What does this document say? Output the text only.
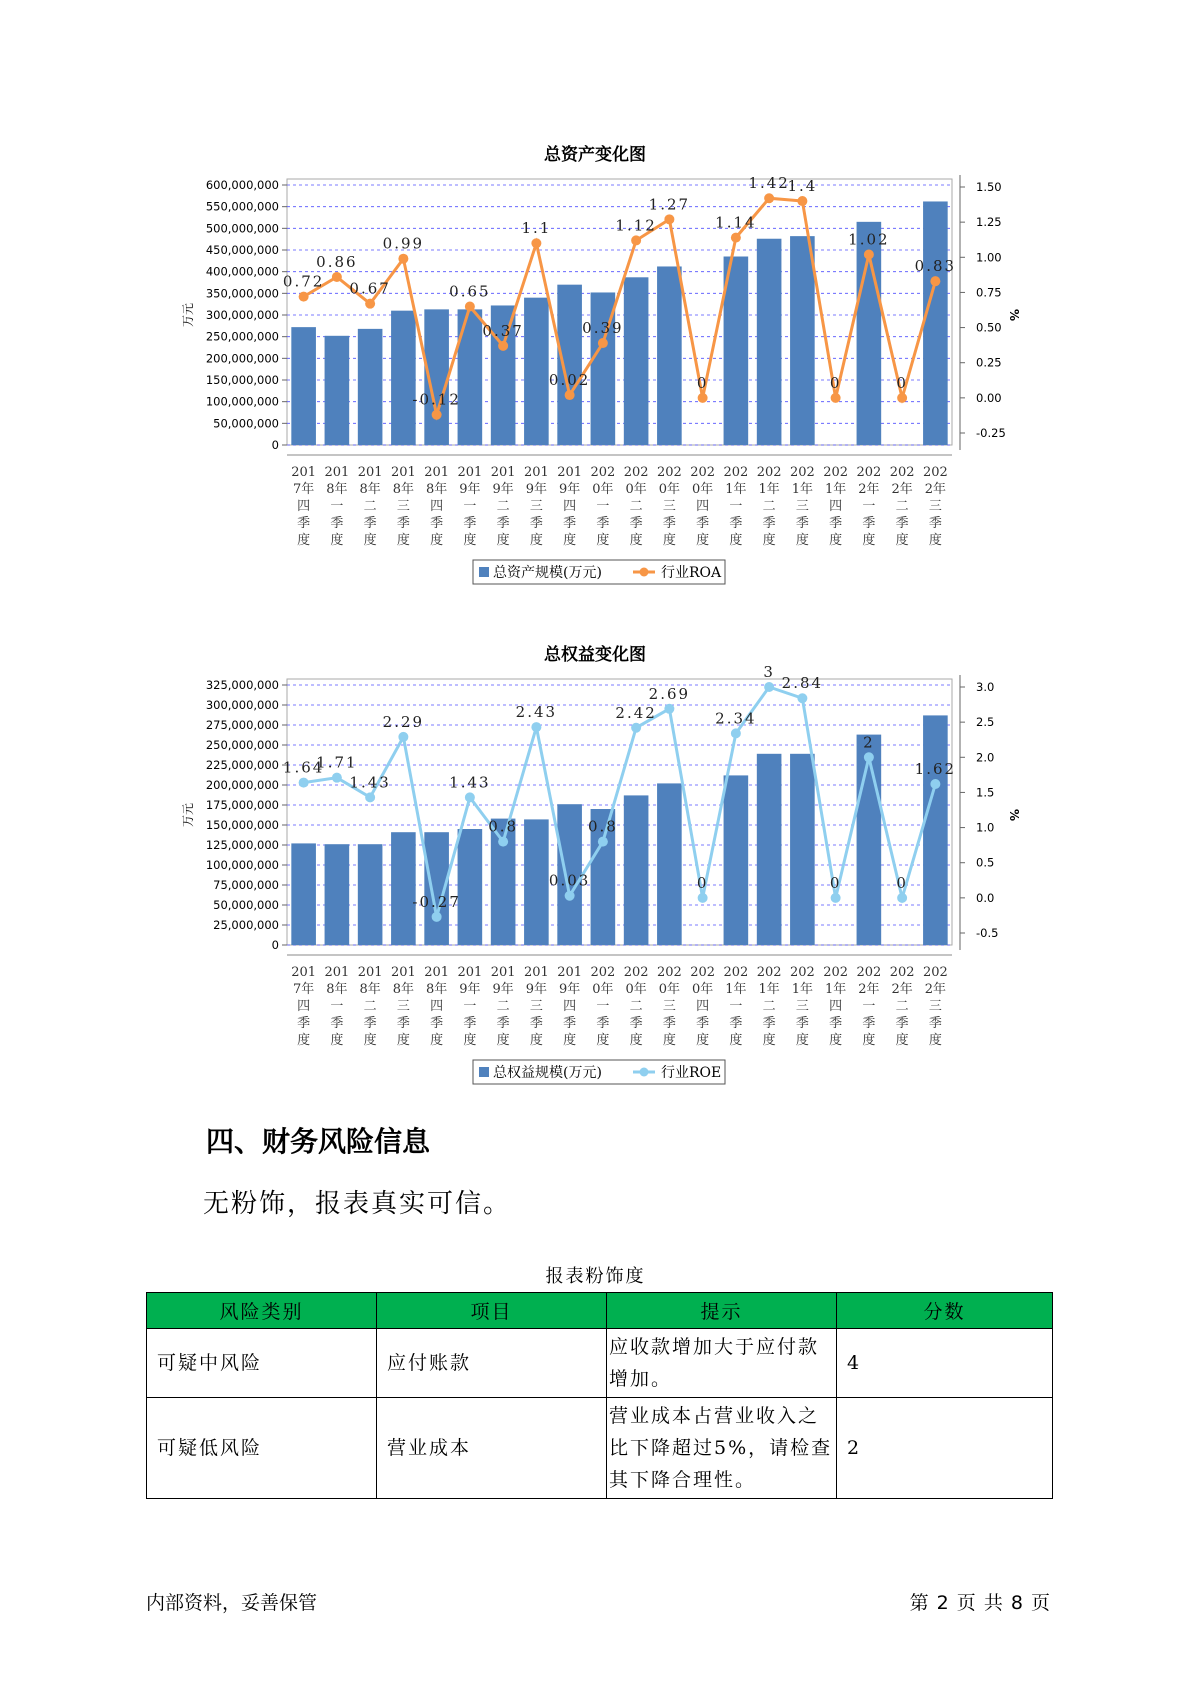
总资产变化图
600,000,000
550,000,000
500,000,000
450,000,000
400,000,000
350,000,000
300,000,000
250,000,000
200,000,000
150,000,000
100,000,000
50,000,000
0
1.50
1.25
1.00
0.75
0.50
0.25
0.00
-0.25
万元	%
201
7年
四
季
度
201
8年
一
季
度
201
8年
二
季
度
201
8年
三
季
度
201
8年
四
季
度
201
9年
一
季
度
201
9年
二
季
度
201
9年
三
季
度
201
9年
四
季
度
202
0年
一
季
度
202
0年
二
季
度
202
0年
三
季
度
202
0年
四
季
度
202
1年
一
季
度
202
1年
二
季
度
202
1年
三
季
度
202
1年
四
季
度
202
2年
一
季
度
202
2年
二
季
度
202
2年
三
季
度
0.72
0.86
0.67
0.99
-0.12
0.65
0.37
1.1
0.02
0.39
1.12
1.27
0
1.14
1.42
1.4
0
1.02
0
0.83
总资产规模(万元)	行业ROA
总权益变化图
325,000,000
300,000,000
275,000,000
250,000,000
225,000,000
200,000,000
175,000,000
150,000,000
125,000,000
100,000,000
75,000,000
50,000,000
25,000,000
0
3.0
2.5
2.0
1.5
1.0
0.5
0.0
-0.5
万元	%
201
7年
四
季
度
201
8年
一
季
度
201
8年
二
季
度
201
8年
三
季
度
201
8年
四
季
度
201
9年
一
季
度
201
9年
二
季
度
201
9年
三
季
度
201
9年
四
季
度
202
0年
一
季
度
202
0年
二
季
度
202
0年
三
季
度
202
0年
四
季
度
202
1年
一
季
度
202
1年
二
季
度
202
1年
三
季
度
202
1年
四
季
度
202
2年
一
季
度
202
2年
二
季
度
202
2年
三
季
度
1.64
1.71
1.43
2.29
-0.27
1.43
0.8
2.43
0.03
0.8
2.42
2.69
0
2.34
3
2.84
0
2
0
1.62
总权益规模(万元)	行业ROE
四、财务风险信息

无粉饰，报表真实可信。

报表粉饰度
风险类别	项目	提示	分数
可疑中风险	应付账款	应收款增加大于应付款增加。	4
可疑低风险	营业成本	营业成本占营业收入之比下降超过5%，请检查其下降合理性。	2
内部资料，妥善保管	第 2 页 共 8 页
